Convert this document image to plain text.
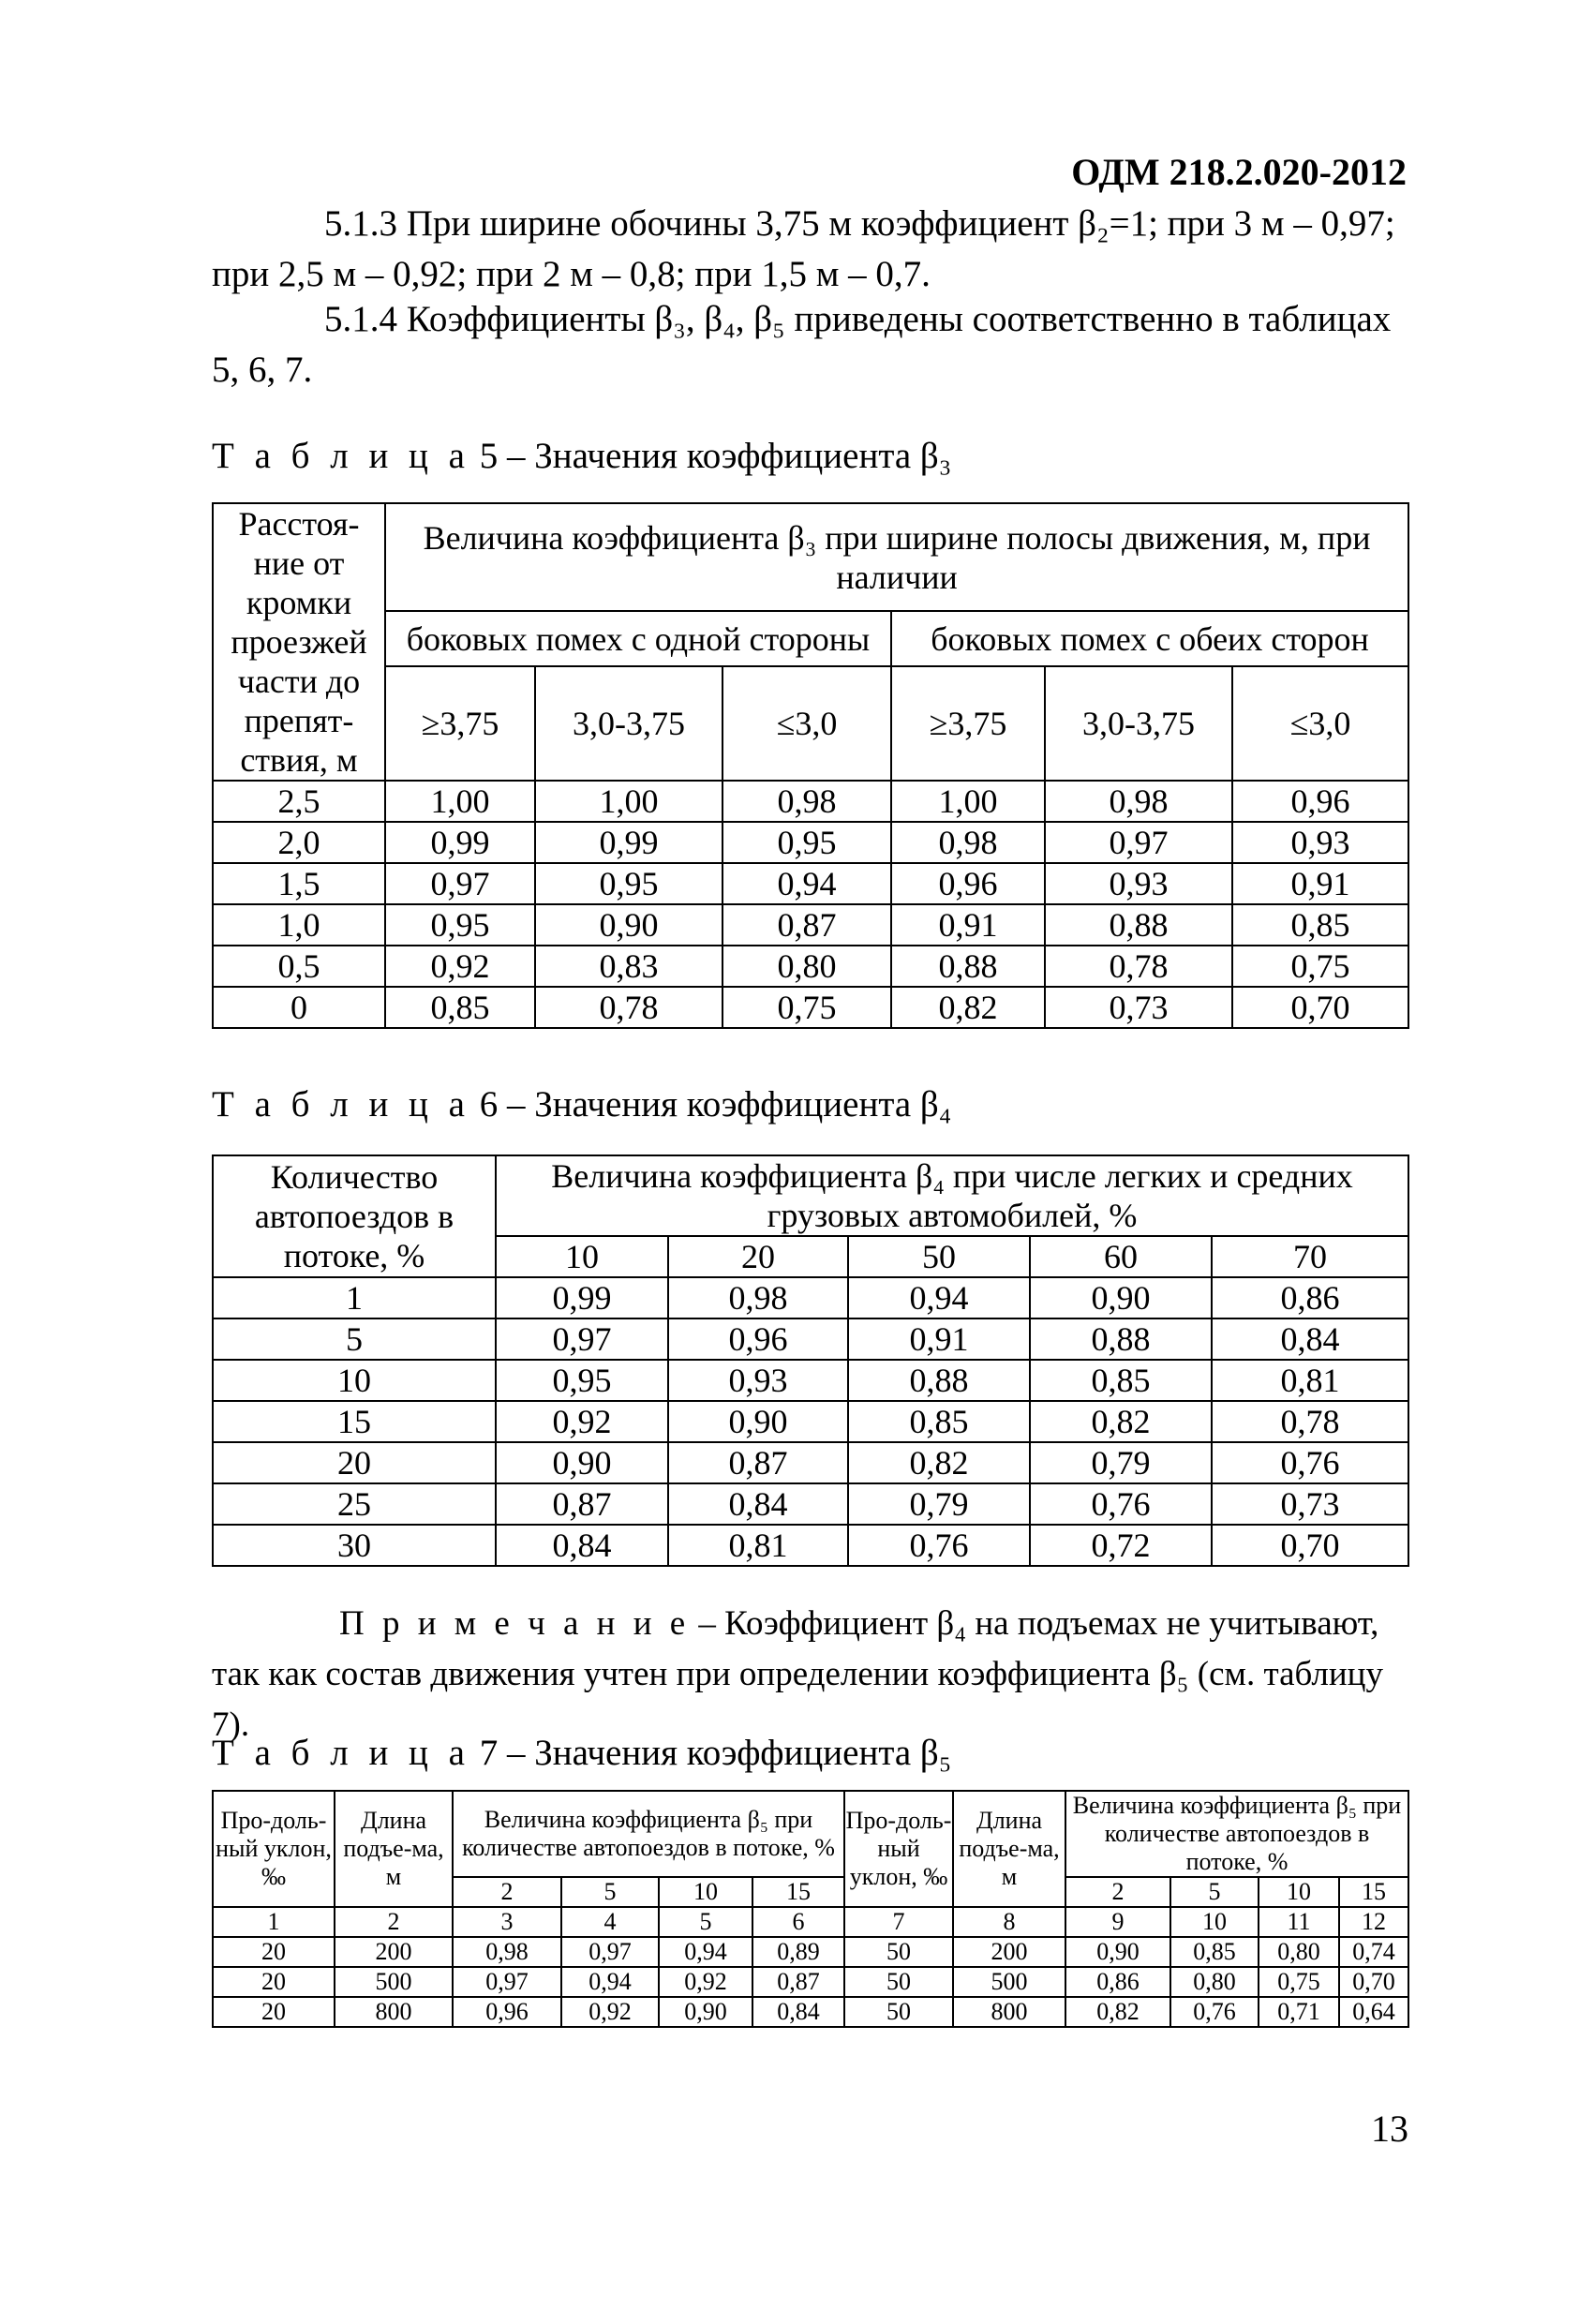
ОДМ 218.2.020-2012
5.1.3 При ширине обочины 3,75 м коэффициент β₂=1; при 3 м – 0,97; при 2,5 м – 0,92; при 2 м – 0,8; при 1,5 м – 0,7.
5.1.4 Коэффициенты β₃, β₄, β₅ приведены соответственно в таблицах 5, 6, 7.
Т а б л и ц а 5 – Значения коэффициента β₃
Расстоя-ние от кромки проезжей части до препят-ствия, м	Величина коэффициента β₃ при ширине полосы движения, м, при наличии					
	боковых помех с одной стороны			боковых помех с обеих сторон		
	≥3,75	3,0-3,75	≤3,0	≥3,75	3,0-3,75	≤3,0
2,5	1,00	1,00	0,98	1,00	0,98	0,96
2,0	0,99	0,99	0,95	0,98	0,97	0,93
1,5	0,97	0,95	0,94	0,96	0,93	0,91
1,0	0,95	0,90	0,87	0,91	0,88	0,85
0,5	0,92	0,83	0,80	0,88	0,78	0,75
0	0,85	0,78	0,75	0,82	0,73	0,70
Т а б л и ц а 6 – Значения коэффициента β₄
Количество автопоездов в потоке, %	Величина коэффициента β₄ при числе легких и средних грузовых автомобилей, %				
	10	20	50	60	70
1	0,99	0,98	0,94	0,90	0,86
5	0,97	0,96	0,91	0,88	0,84
10	0,95	0,93	0,88	0,85	0,81
15	0,92	0,90	0,85	0,82	0,78
20	0,90	0,87	0,82	0,79	0,76
25	0,87	0,84	0,79	0,76	0,73
30	0,84	0,81	0,76	0,72	0,70
П р и м е ч а н и е – Коэффициент β₄ на подъемах не учитывают, так как состав движения учтен при определении коэффициента β₅ (см. таблицу 7).
Т а б л и ц а 7 – Значения коэффициента β₅
Про-доль-ный уклон, ‰	Длина подъе-ма, м	Величина коэффициента β₅ при количестве автопоездов в потоке, %				Про-доль-ный уклон, ‰	Длина подъе-ма, м	Величина коэффициента β₅ при количестве автопоездов в потоке, %			
		2	5	10	15			2	5	10	15
1	2	3	4	5	6	7	8	9	10	11	12
20	200	0,98	0,97	0,94	0,89	50	200	0,90	0,85	0,80	0,74
20	500	0,97	0,94	0,92	0,87	50	500	0,86	0,80	0,75	0,70
20	800	0,96	0,92	0,90	0,84	50	800	0,82	0,76	0,71	0,64
13
